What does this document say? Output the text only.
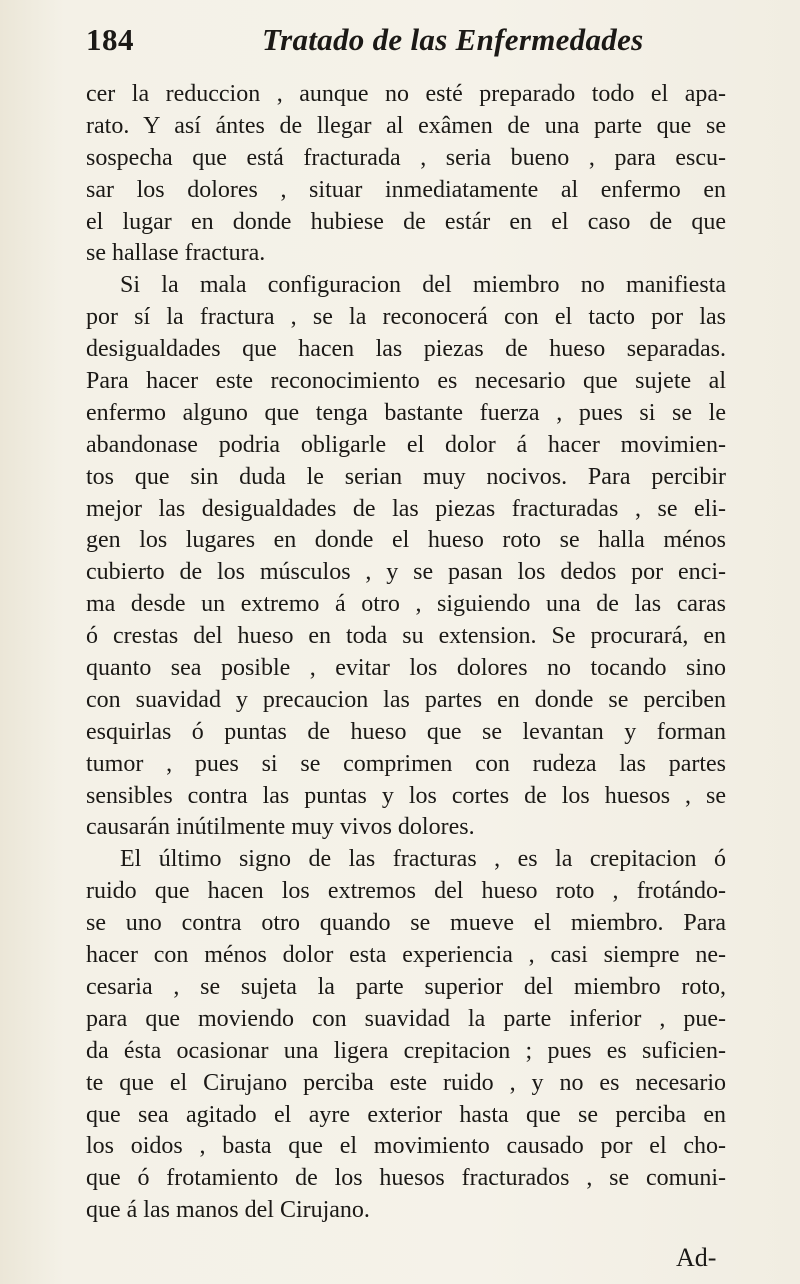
184	Tratado de las Enfermedades
cer la reduccion , aunque no esté preparado todo el apa-
rato. Y así ántes de llegar al exâmen de una parte que se
sospecha que está fracturada , seria bueno , para escu-
sar los dolores , situar inmediatamente al enfermo en
el lugar en donde hubiese de estár en el caso de que
se hallase fractura.
Si la mala configuracion del miembro no manifiesta
por sí la fractura , se la reconocerá con el tacto por las
desigualdades que hacen las piezas de hueso separadas.
Para hacer este reconocimiento es necesario que sujete al
enfermo alguno que tenga bastante fuerza , pues si se le
abandonase podria obligarle el dolor á hacer movimien-
tos que sin duda le serian muy nocivos. Para percibir
mejor las desigualdades de las piezas fracturadas , se eli-
gen los lugares en donde el hueso roto se halla ménos
cubierto de los músculos , y se pasan los dedos por enci-
ma desde un extremo á otro , siguiendo una de las caras
ó crestas del hueso en toda su extension. Se procurará, en
quanto sea posible , evitar los dolores no tocando sino
con suavidad y precaucion las partes en donde se perciben
esquirlas ó puntas de hueso que se levantan y forman
tumor , pues si se comprimen con rudeza las partes
sensibles contra las puntas y los cortes de los huesos , se
causarán inútilmente muy vivos dolores.
El último signo de las fracturas , es la crepitacion ó
ruido que hacen los extremos del hueso roto , frotándo-
se uno contra otro quando se mueve el miembro. Para
hacer con ménos dolor esta experiencia , casi siempre ne-
cesaria , se sujeta la parte superior del miembro roto,
para que moviendo con suavidad la parte inferior , pue-
da ésta ocasionar una ligera crepitacion ; pues es suficien-
te que el Cirujano perciba este ruido , y no es necesario
que sea agitado el ayre exterior hasta que se perciba en
los oidos , basta que el movimiento causado por el cho-
que ó frotamiento de los huesos fracturados , se comuni-
que á las manos del Cirujano.
Ad-
